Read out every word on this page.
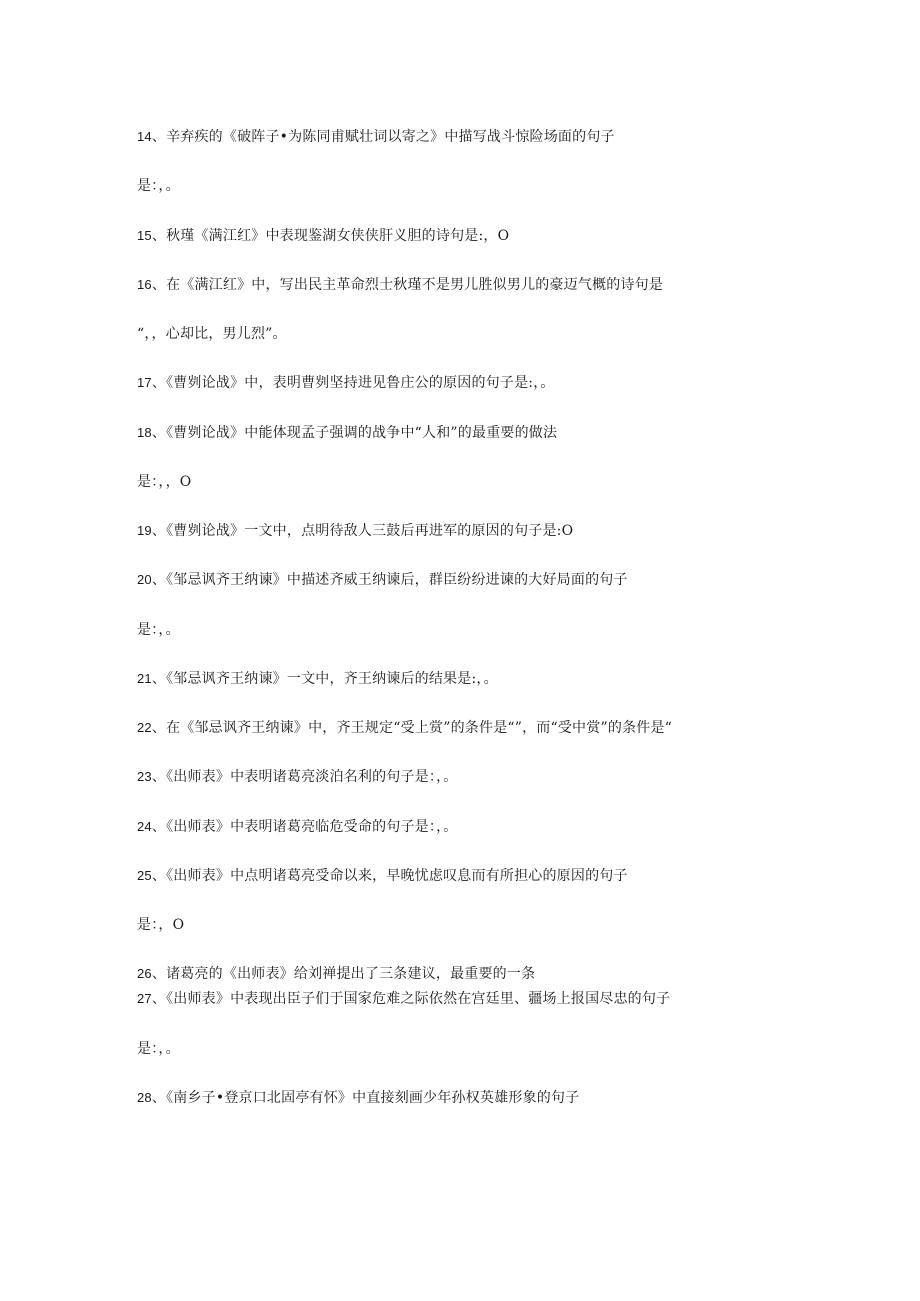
14、辛弃疾的《破阵子•为陈同甫赋壮词以寄之》中描写战斗惊险场面的句子
是：，。
15、秋瑾《满江红》中表现鉴湖女侠侠肝义胆的诗句是:，O
16、在《满江红》中，写出民主革命烈士秋瑾不是男儿胜似男儿的豪迈气概的诗句是
“，，心却比，男儿烈”。
17、《曹刿论战》中，表明曹刿坚持进见鲁庄公的原因的句子是:，。
18、《曹刿论战》中能体现孟子强调的战争中“人和”的最重要的做法
是：，，O
19、《曹刿论战》一文中，点明待敌人三鼓后再进军的原因的句子是:O
20、《邹忌讽齐王纳谏》中描述齐威王纳谏后，群臣纷纷进谏的大好局面的句子
是：，。
21、《邹忌讽齐王纳谏》一文中，齐王纳谏后的结果是:，。
22、在《邹忌讽齐王纳谏》中，齐王规定“受上赏”的条件是“”，而“受中赏”的条件是“
23、《出师表》中表明诸葛亮淡泊名利的句子是：，。
24、《出师表》中表明诸葛亮临危受命的句子是：，。
25、《出师表》中点明诸葛亮受命以来，早晚忧虑叹息而有所担心的原因的句子
是：，O
26、诸葛亮的《出师表》给刘禅提出了三条建议，最重要的一条
27、《出师表》中表现出臣子们于国家危难之际依然在宫廷里、疆场上报国尽忠的句子
是：，。
28、《南乡子•登京口北固亭有怀》中直接刻画少年孙权英雄形象的句子
